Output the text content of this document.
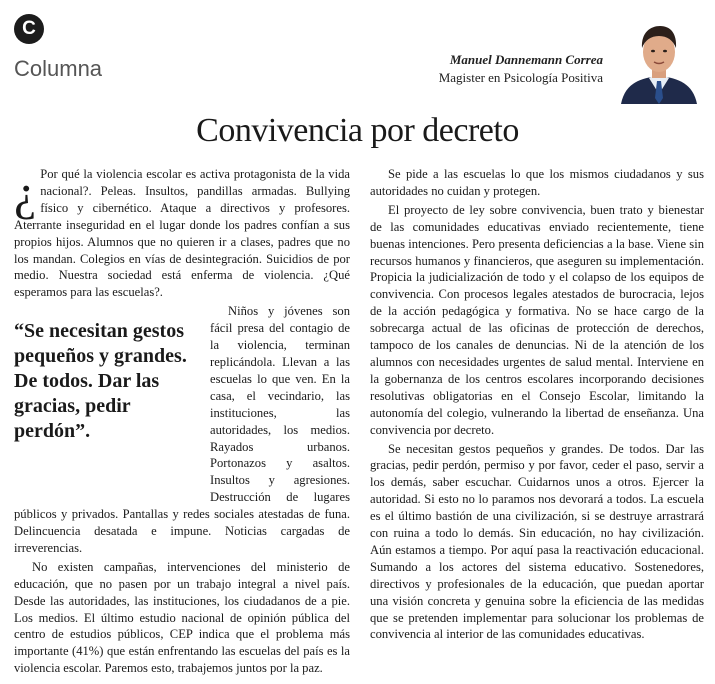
C
Columna	Manuel Dannemann Correa
Magister en Psicología Positiva
Convivencia por decreto

¿ Por qué la violencia escolar es activa protagonista de la vida nacional?. Peleas. Insultos, pandillas armadas. Bullying físico y cibernético. Ataque a directivos y profesores. Aterrante inseguridad en el lugar donde los padres confían a sus propios hijos. Alumnos que no quieren ir a clases, padres que no los mandan. Colegios en vías de desintegración. Suicidios de por medio. Nuestra sociedad está enferma de violencia. ¿Qué esperamos para las escuelas?.

“Se necesitan gestos pequeños y grandes. De todos. Dar las gracias, pedir perdón”.

Niños y jóvenes son fácil presa del contagio de la violencia, terminan replicándola. Llevan a las escuelas lo que ven. En la casa, el vecindario, las instituciones, las autoridades, los medios. Rayados urbanos. Portonazos y asaltos. Insultos y agresiones. Destrucción de lugares públicos y privados. Pantallas y redes sociales atestadas de funa. Delincuencia desatada e impune. Noticias cargadas de irreverencias.

No existen campañas, intervenciones del ministerio de educación, que no pasen por un trabajo integral a nivel país. Desde las autoridades, las instituciones, los ciudadanos de a pie. Los medios. El último estudio nacional de opinión pública del centro de estudios públicos, CEP indica que el problema más importante (41%) que están enfrentando las escuelas del país es la violencia escolar. Paremos esto, trabajemos juntos por la paz.

Se pide a las escuelas lo que los mismos ciudadanos y sus autoridades no cuidan y protegen.

El proyecto de ley sobre convivencia, buen trato y bienestar de las comunidades educativas enviado recientemente, tiene buenas intenciones. Pero presenta deficiencias a la base. Viene sin recursos humanos y financieros, que aseguren su implementación. Propicia la judicialización de todo y el colapso de los equipos de convivencia. Con procesos legales atestados de burocracia, lejos de la acción pedagógica y formativa. No se hace cargo de la sobrecarga actual de las oficinas de protección de derechos, tampoco de los canales de denuncias. Ni de la atención de los alumnos con necesidades urgentes de salud mental. Interviene en la gobernanza de los centros escolares incorporando decisiones resolutivas obligatorias en el Consejo Escolar, limitando la autonomía del colegio, vulnerando la libertad de enseñanza. Una convivencia por decreto.

Se necesitan gestos pequeños y grandes. De todos. Dar las gracias, pedir perdón, permiso y por favor, ceder el paso, servir a los demás, saber escuchar. Cuidarnos unos a otros. Ejercer la autoridad. Si esto no lo paramos nos devorará a todos. La escuela es el último bastión de una civilización, si se destruye arrastrará con ruina a todo lo demás. Sin educación, no hay civilización. Aún estamos a tiempo. Por aquí pasa la reactivación educacional. Sumando a los actores del sistema educativo. Sostenedores, directivos y profesionales de la educación, que puedan aportar una visión concreta y genuina sobre la eficiencia de las medidas que se pretenden implementar para solucionar los problemas de convivencia al interior de las comunidades educativas.
